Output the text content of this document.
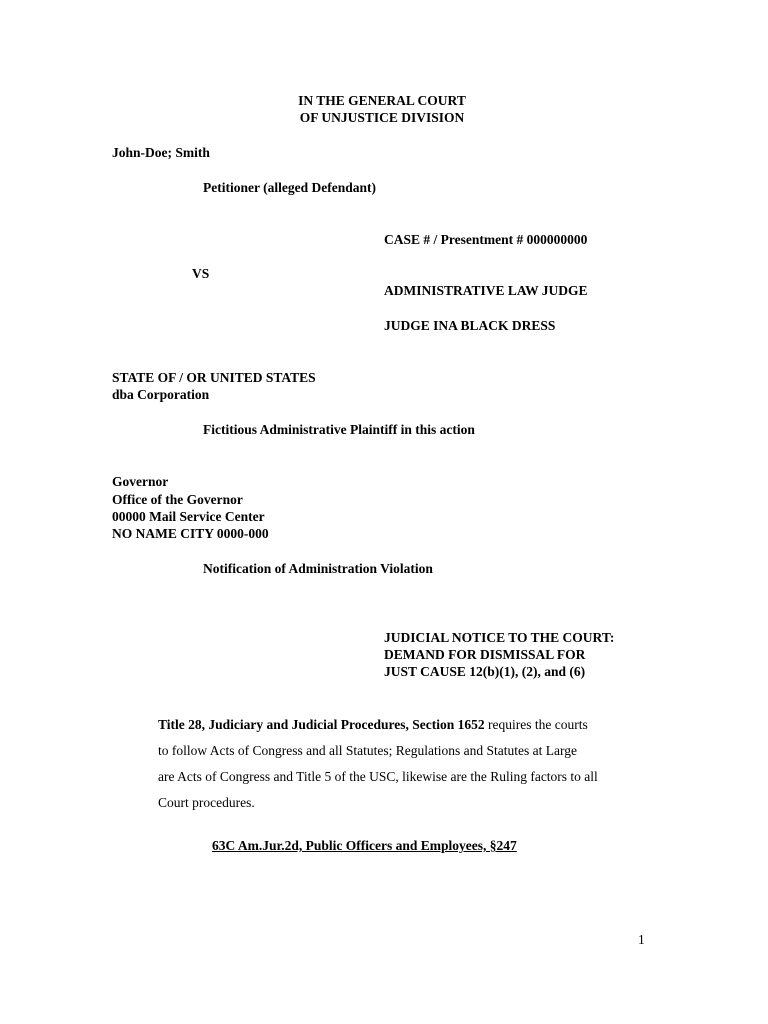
IN THE GENERAL COURT
OF UNJUSTICE DIVISION
John-Doe; Smith
Petitioner (alleged Defendant)
CASE # / Presentment # 000000000
VS
ADMINISTRATIVE LAW JUDGE
JUDGE INA BLACK DRESS
STATE OF / OR UNITED STATES
dba Corporation
Fictitious Administrative Plaintiff in this action
Governor
Office of the Governor
00000 Mail Service Center
NO NAME CITY 0000-000
Notification of Administration Violation
JUDICIAL NOTICE TO THE COURT:
DEMAND FOR DISMISSAL FOR
JUST CAUSE 12(b)(1), (2), and (6)
Title 28, Judiciary and Judicial Procedures, Section 1652 requires the courts
to follow Acts of Congress and all Statutes; Regulations and Statutes at Large
are Acts of Congress and Title 5 of the USC, likewise are the Ruling factors to all
Court procedures.
63C Am.Jur.2d, Public Officers and Employees, §247
1
